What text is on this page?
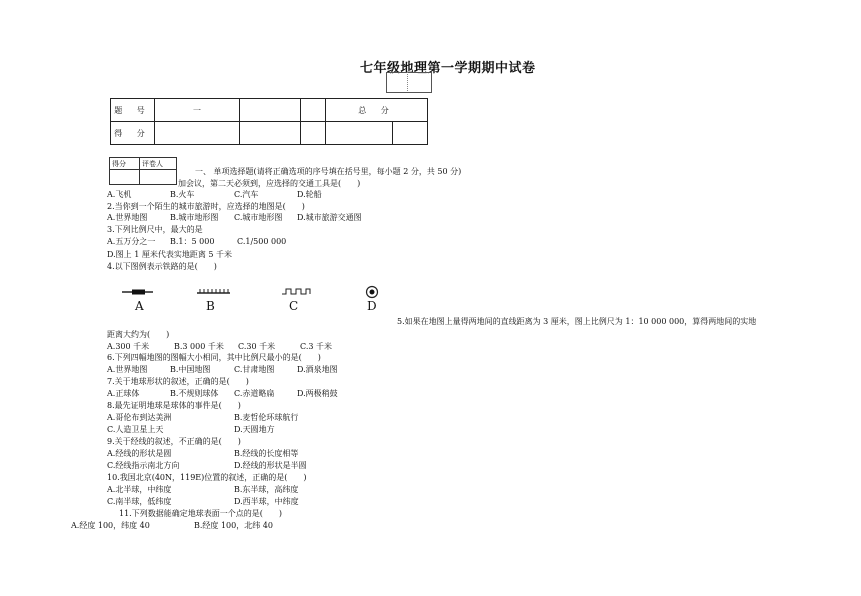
七年级地理第一学期期中试卷
题 号	一			总 分	
得 分					
得分	评卷人

一、 单项选择题(请将正确选项的序号填在括号里，每小题 2 分，共 50 分)
加会议，第二天必须到，应选择的交通工具是(　　)
A.飞机	B.火车	C.汽车	D.轮船
2.当你到一个陌生的城市旅游时，应选择的地图是(　　)
A.世界地图	B.城市地形图 C.城市地形图 D.城市旅游交通图
3.下列比例尺中，最大的是
A.五万分之一 B.1：5 000	C.1/500 000
D.图上 1 厘米代表实地距离 5 千米
4.以下图例表示铁路的是(　　)
A	B	C	D
5.如果在地图上量得两地间的直线距离为 3 厘米，图上比例尺为 1：10 000 000，算得两地间的实地
距离大约为(　　)
A.300 千米	B.3 000 千米 C.30 千米	C.3 千米
6.下列四幅地图的图幅大小相同，其中比例尺最小的是(　　)
A.世界地图	B.中国地图	C.甘肃地图	D.酒泉地图
7.关于地球形状的叙述，正确的是(　　)
A.正球体	B.不规则球体 C.赤道略扁	D.两极稍鼓
8.最先证明地球是球体的事件是(　　)
A.哥伦布到达美洲	B.麦哲伦环球航行
C.人造卫星上天	D.天圆地方
9.关于经线的叙述，不正确的是(　　)
A.经线的形状是圆	B.经线的长度相等
C.经线指示南北方向	D.经线的形状是半圆
10.我国北京(40N，119E)位置的叙述，正确的是(　　)
A.北半球，中纬度	B.东半球，高纬度
C.南半球，低纬度	D.西半球，中纬度
11.下列数据能确定地球表面一个点的是(　　)
A.经度 100，纬度 40	B.经度 100，北纬 40
